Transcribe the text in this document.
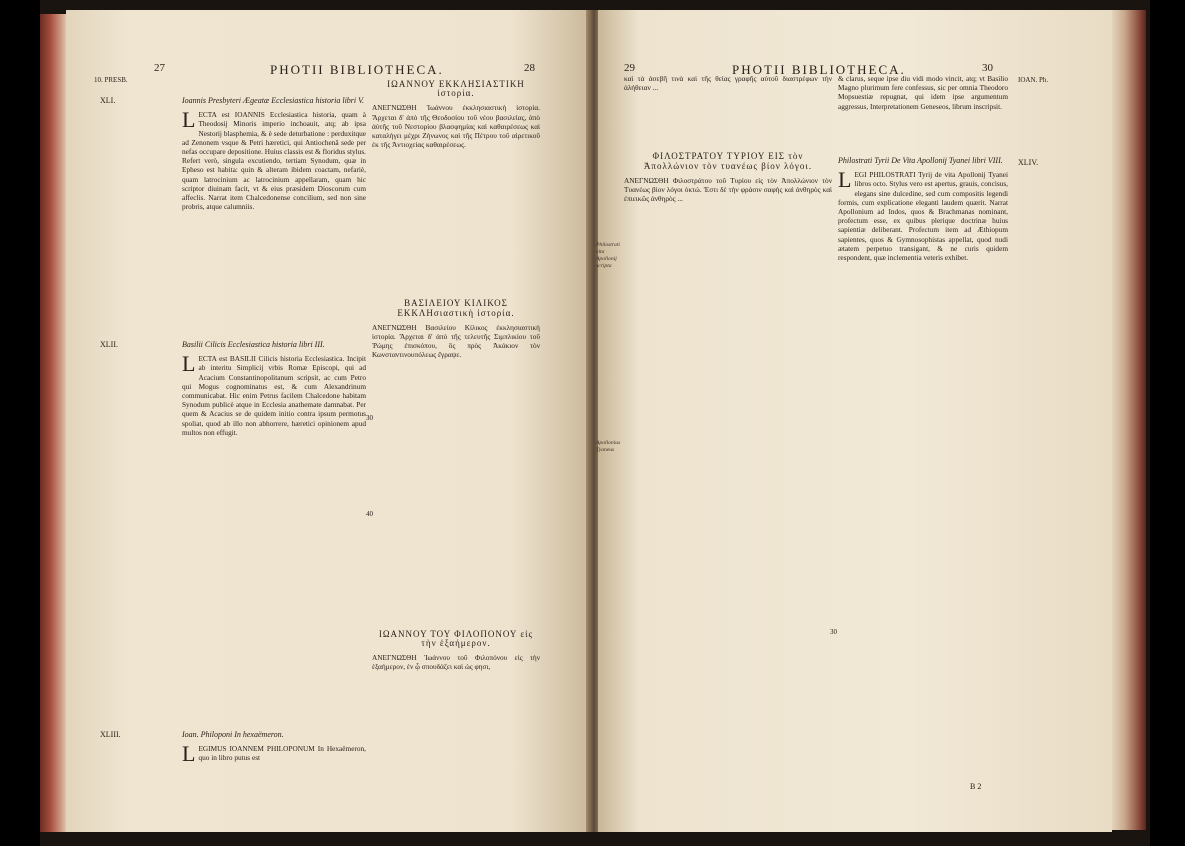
27	PHOTII BIBLIOTHECA.	28
10. PRESB.
XLI.	Ioannis Presbyteri Ægeatæ Ecclesiastica historia libri V.

LECTA est IOANNIS Ecclesiastica historia, quam à Theodosij Minoris imperio inchoauit, atq; ab ipsa Nestorij blasphemia, & è sede deturbatione : perduxitque ad Zenonem vsque & Petri hæretici, qui Antiochenâ sede per nefas occupare depositione. Huius classis est & floridus stylus. Refert verò, singula excutiendo, tertiam Synodum, quæ in Epheso est habita: quin & alteram ibidem coactam, nefariè, quam latrocinium ac latrocinium appellaram, quam hic scriptor diuinam facit, vt & eius præsidem Dioscorum cum affeclis. Narrat item Chalcedonense concilium, sed non sine probris, atque calumniis.

XLII.	Basilii Cilicis Ecclesiastica historia libri III.

LECTA est BASILII Cilicis historia Ecclesiastica. Incipit ab interitu Simplicij vrbis Romæ Episcopi, qui ad Acacium Constantinopolitanum scripsit, ac cum Petro qui Mogus cognominatus est, & cum Alexandrinum communicabat. Hic enim Petrus facilem Chalcedone habitam Synodum publicè atque in Ecclesia anathemate damnabat. Per quem & Acacius se de quidem initio contra ipsum permotus spoliat, quod ab illo non abhorrere, hæretici opinionem apud multos non effugit.

30
40
XLIII.	Ioan. Philoponi In hexaëmeron.

LEGIMUS IOANNEM PHILOPONUM In Hexaëmeron, quo in libro putus est

ΙΩΑΝΝΟΥ ΕΚΚΛΗΣΙΑΣΤΙΚΗ ἱστορία.

ΑΝΕΓΝΩΣΘΗ Ἰωάννου ἐκκλησιαστικὴ ἱστορία. Ἄρχεται δ' ἀπὸ τῆς Θεοδοσίου τοῦ νέου βασιλείας, ἀπὸ ἀὐτῆς τοῦ Νεστορίου βλασφημίας καὶ καθαιρέσεως καὶ καταλήγει μέχρι Ζήνωνος καὶ τῆς Πέτρου τοῦ αἱρετικοῦ ἐκ τῆς Ἀντιοχείας καθαιρέσεως.

ΒΑΣΙΛΕΙΟΥ ΚΙΛΙΚΟΣ ΕΚΚΛΗσιαστικὴ ἱστορία.

ΑΝΕΓΝΩΣΘΗ Βασιλείου Κίλικος ἐκκλησιαστικὴ ἱστορία. Ἄρχεται δ' ἀπὸ τῆς τελευτῆς Σιμπλικίου τοῦ Ῥώμης ἐπισκόπου, ὃς πρὸς Ἀκάκιον τὸν Κωνσταντινουπόλεως ἔγραψε.

ΙΩΑΝΝΟΥ ΤΟΥ ΦΙΛΟΠΟΝΟΥ εἰς τὴν ἑξαήμερον.

ΑΝΕΓΝΩΣΘΗ Ἰωάννου τοῦ Φιλοπόνου εἰς τὴν ἑξαήμερον, ἐν ᾧ σπουδάζει καὶ ὡς φησι,

29	PHOTII BIBLIOTHECA.	30
IOAN. Ph.

καὶ τὰ ἀσεβῆ τινὰ καὶ τῆς θείας γραφῆς αὐτοῦ διαστρέφων τὴν ἀλήθειαν ...

ΦΙΛΟΣΤΡΑΤΟΥ ΤΥΡΙΟΥ ΕΙΣ τὸν Ἀπολλώνιον τὸν τυανέως βίον λόγοι.

ΑΝΕΓΝΩΣΘΗ Φιλοστράτου τοῦ Τυρίου εἰς τὸν Ἀπολλώνιον τὸν Τυανέως βίον λόγοι ὀκτώ. Ἐστι δὲ τὴν φράσιν σαφὴς καὶ ἀνθηρὸς καὶ ἐπιεικῶς ἀνθηρὸς ...

Philostrati vita Apollonij scripta
Apollonius Tyaneus

& clarus, seque ipse diu vidi modo vincit, atq; vt Basilio Magno plurimum fere confessus, sic per omnia Theodoro Mopsuestiæ repugnat, qui idem ipse argumentum aggressus, Interpretationem Geneseos, librum inscripsit.

XLIV.
Philostrati Tyrii De Vita Apollonij Tyanei libri VIII.

LEGI PHILOSTRATI Tyrij de vita Apollonij Tyanei libros octo. Stylus vero est apertus, grauis, concisus, elegans sine dulcedine, sed cum compositis legendi formis, cum explicatione eleganti laudem quærit. Narrat Apollonium ad Indos, quos & Brachmanas nominant, profectum esse, ex quibus plerique doctrinæ huius sapientiæ deliberant. Profectum item ad Æthiopum sapientes, quos & Gymnosophistas appellat, quod nudi ætatem perpetuo transigant, & ne curis quidem respondent, quæ inclementia veteris exhibet.

30
B 2
